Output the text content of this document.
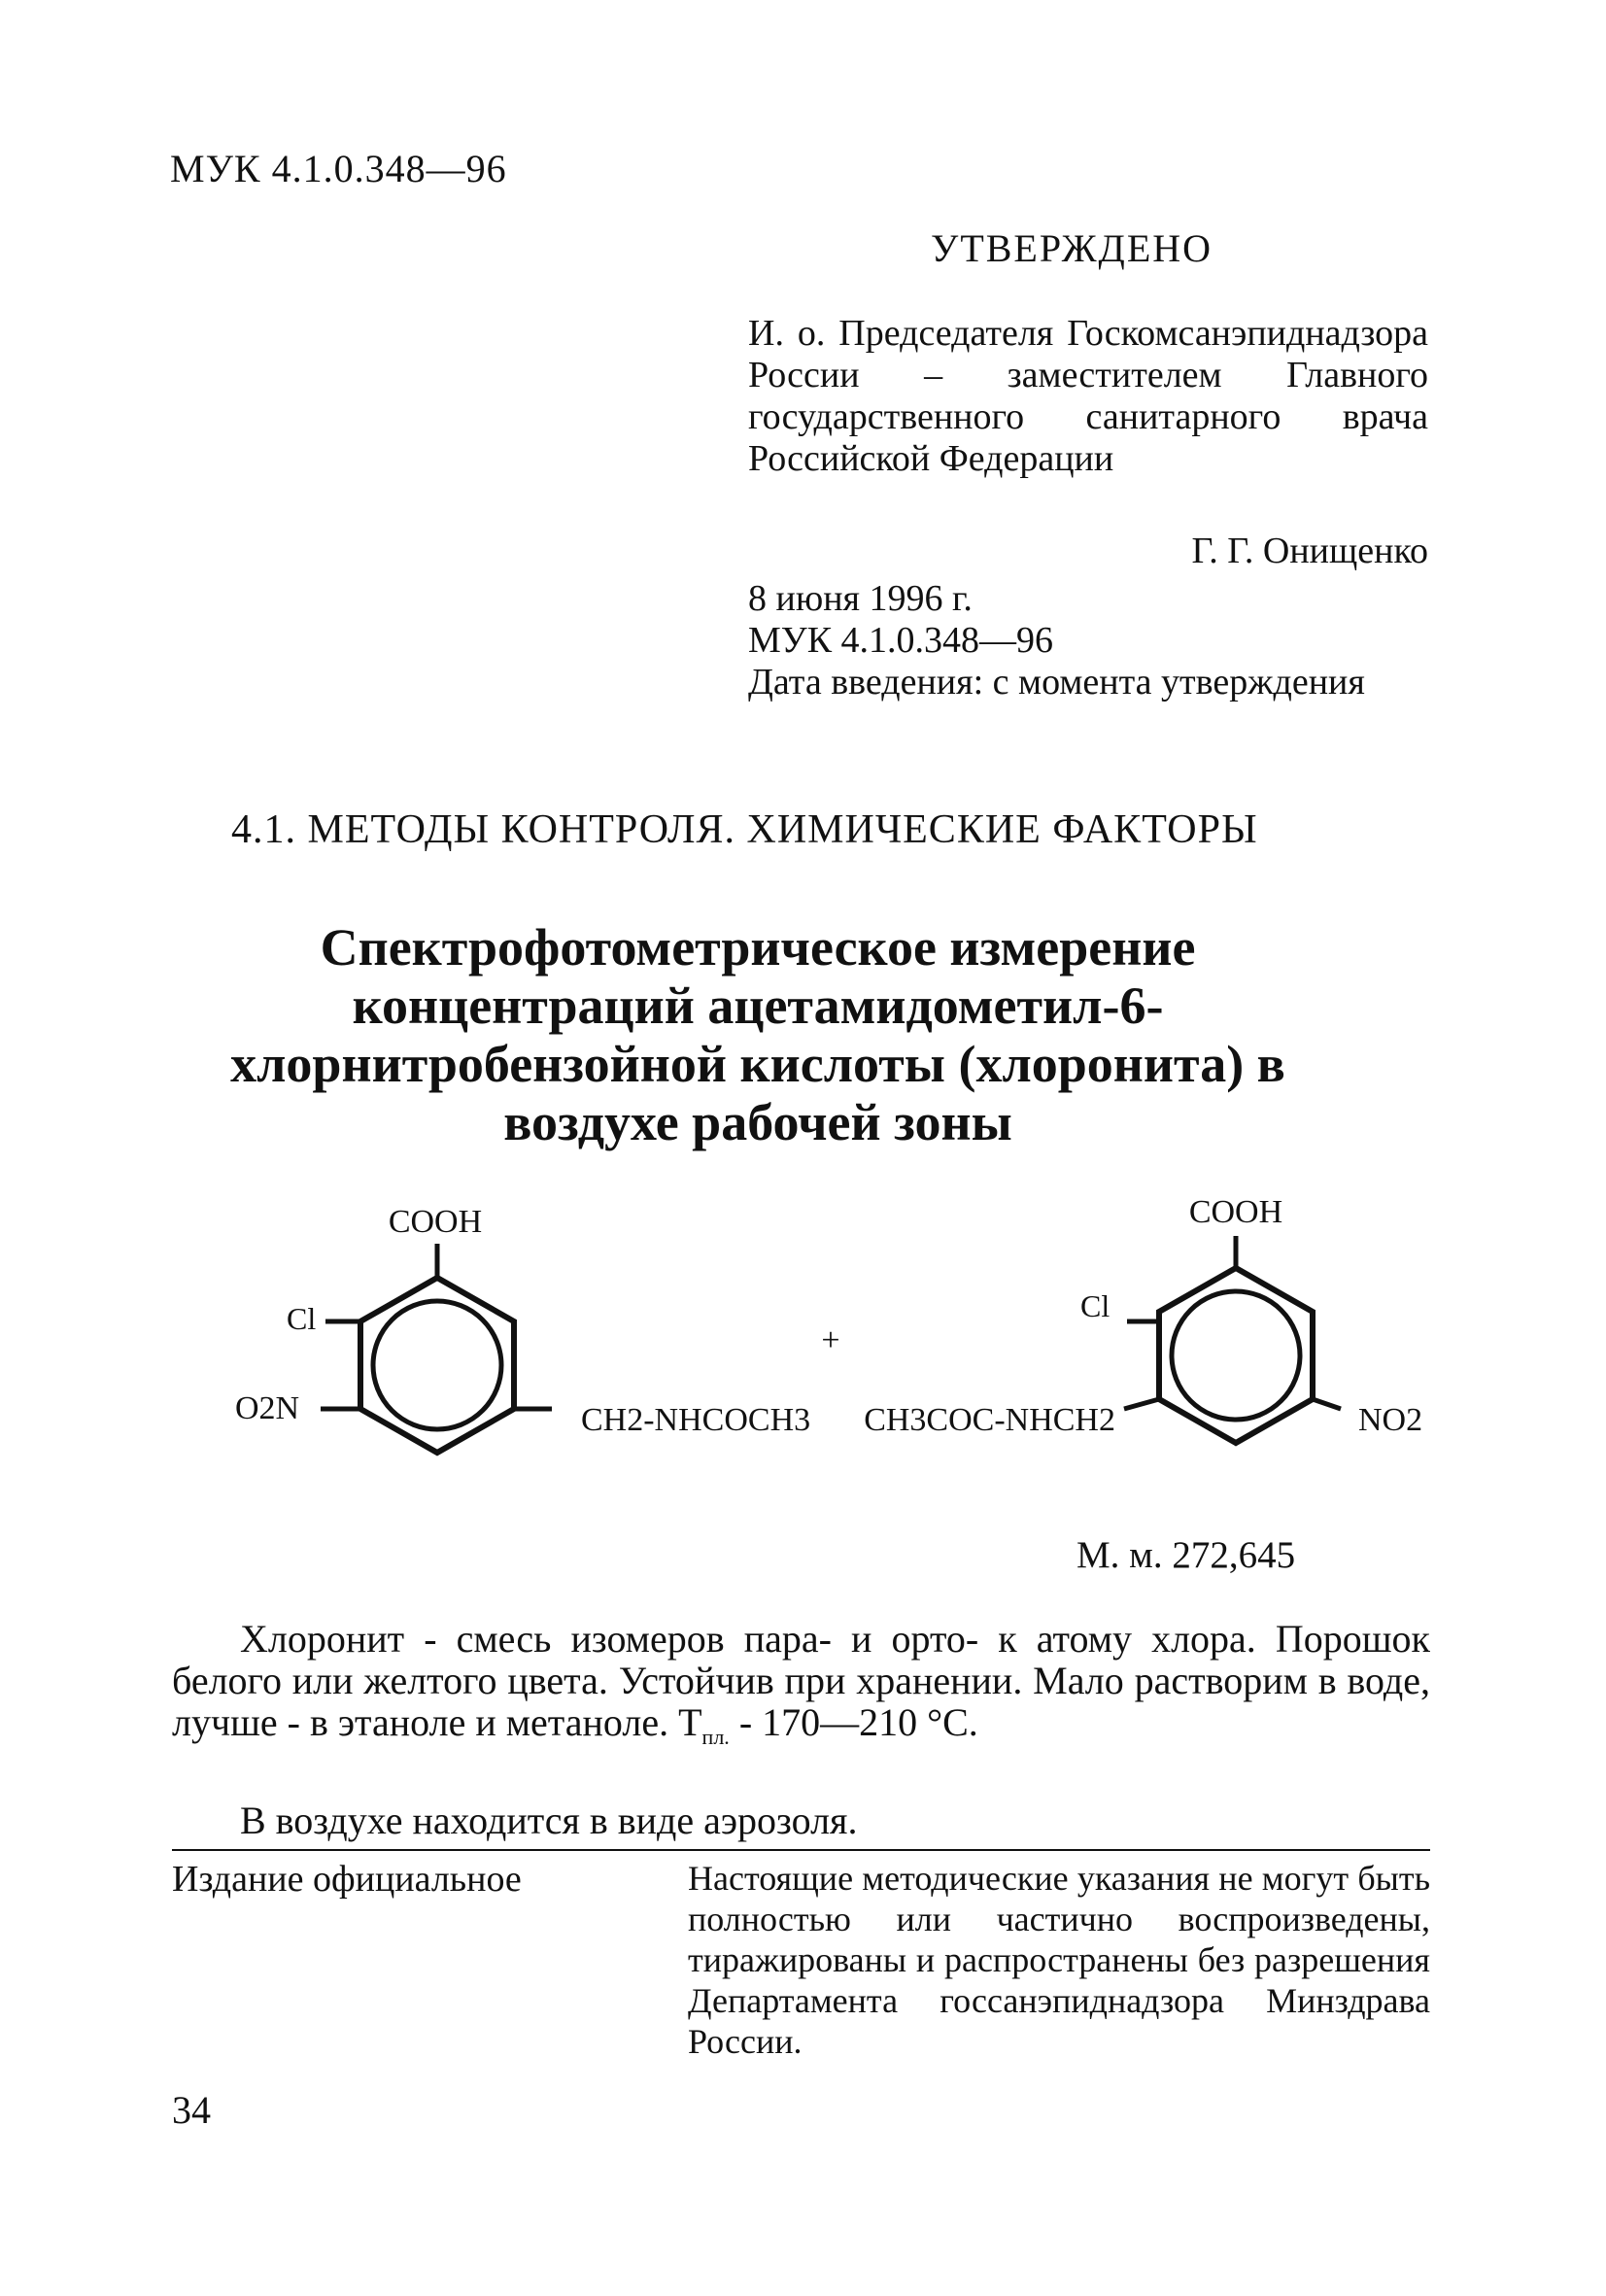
МУК 4.1.0.348—96
УТВЕРЖДЕНО
И. о. Председателя Госкомсанэпиднадзора России – заместителем Главного государственного санитарного врача Российской Федерации
Г. Г. Онищенко
8 июня 1996 г.
МУК 4.1.0.348—96
Дата введения: с момента утверждения
4.1. МЕТОДЫ КОНТРОЛЯ. ХИМИЧЕСКИЕ ФАКТОРЫ
Спектрофотометрическое измерение концентраций ацетамидометил-6-хлорнитробензойной кислоты (хлоронита) в воздухе рабочей зоны
COOH
Cl
O2N	CH2-NHCOCH3
+
COOH
Cl
CH3COC-NHCH2	NO2
М. м. 272,645
Хлоронит - смесь изомеров пара- и орто- к атому хлора. Порошок белого или желтого цвета. Устойчив при хранении. Мало растворим в воде, лучше - в этаноле и метаноле. $T_{пл.}$ - 170—210 °С.
В воздухе находится в виде аэрозоля.
Издание официальное	Настоящие методические указания не могут быть полностью или частично воспроизведены, тиражированы и распространены без разрешения Департамента госсанэпиднадзора Минздрава России.
34
